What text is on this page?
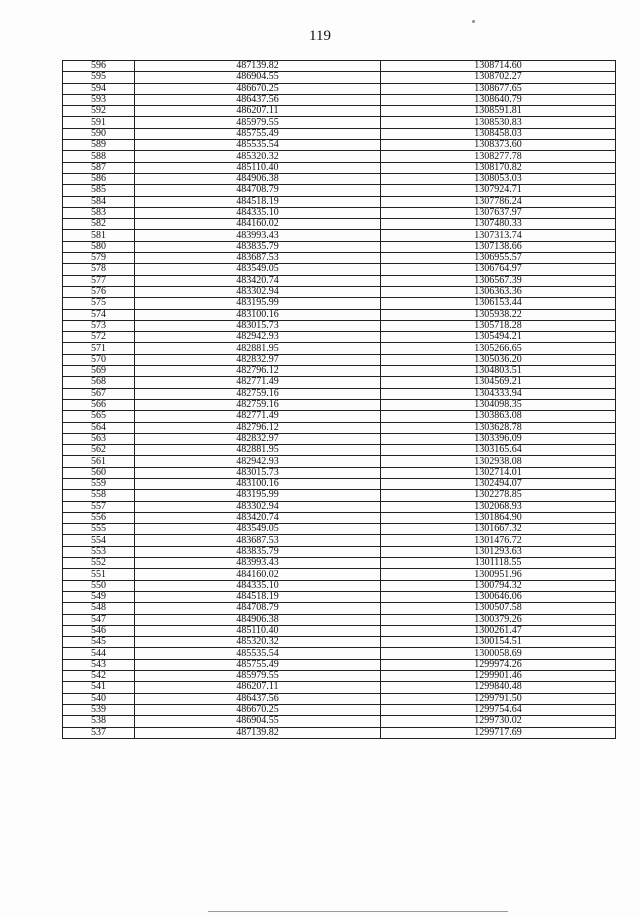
119
596	487139.82	1308714.60
595	486904.55	1308702.27
594	486670.25	1308677.65
593	486437.56	1308640.79
592	486207.11	1308591.81
591	485979.55	1308530.83
590	485755.49	1308458.03
589	485535.54	1308373.60
588	485320.32	1308277.78
587	485110.40	1308170.82
586	484906.38	1308053.03
585	484708.79	1307924.71
584	484518.19	1307786.24
583	484335.10	1307637.97
582	484160.02	1307480.33
581	483993.43	1307313.74
580	483835.79	1307138.66
579	483687.53	1306955.57
578	483549.05	1306764.97
577	483420.74	1306567.39
576	483302.94	1306363.36
575	483195.99	1306153.44
574	483100.16	1305938.22
573	483015.73	1305718.28
572	482942.93	1305494.21
571	482881.95	1305266.65
570	482832.97	1305036.20
569	482796.12	1304803.51
568	482771.49	1304569.21
567	482759.16	1304333.94
566	482759.16	1304098.35
565	482771.49	1303863.08
564	482796.12	1303628.78
563	482832.97	1303396.09
562	482881.95	1303165.64
561	482942.93	1302938.08
560	483015.73	1302714.01
559	483100.16	1302494.07
558	483195.99	1302278.85
557	483302.94	1302068.93
556	483420.74	1301864.90
555	483549.05	1301667.32
554	483687.53	1301476.72
553	483835.79	1301293.63
552	483993.43	1301118.55
551	484160.02	1300951.96
550	484335.10	1300794.32
549	484518.19	1300646.06
548	484708.79	1300507.58
547	484906.38	1300379.26
546	485110.40	1300261.47
545	485320.32	1300154.51
544	485535.54	1300058.69
543	485755.49	1299974.26
542	485979.55	1299901.46
541	486207.11	1299840.48
540	486437.56	1299791.50
539	486670.25	1299754.64
538	486904.55	1299730.02
537	487139.82	1299717.69
